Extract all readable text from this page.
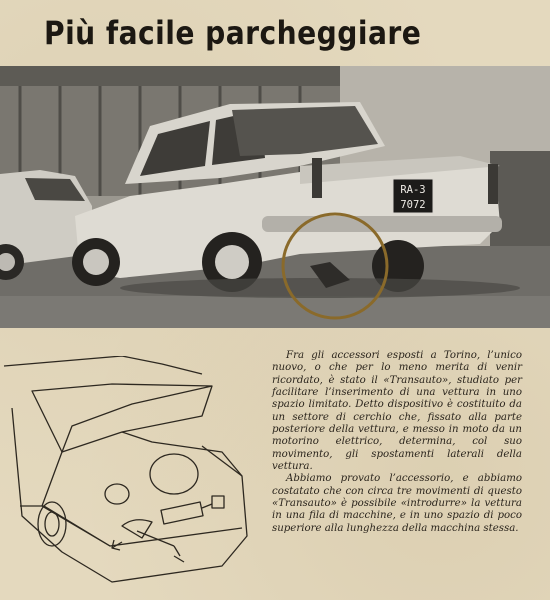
Più facile parcheggiare
RA-3
7072

Fra gli accessori esposti a Torino, l’unico nuovo, o che per lo meno merita di venir ricordato, è stato il «Transauto», studiato per facilitare l’inserimento di una vettura in uno spazio limitato. Detto dispositivo è costituito da un settore di cerchio che, fissato alla parte posteriore della vettura, e messo in moto da un motorino elettrico, determina, col suo movimento, gli spostamenti laterali della vettura.

Abbiamo provato l’accessorio, e abbiamo costatato che con circa tre movimenti di questo «Transauto» è possibile «introdurre» la vettura in una fila di macchine, e in uno spazio di poco superiore alla lunghezza della macchina stessa.
